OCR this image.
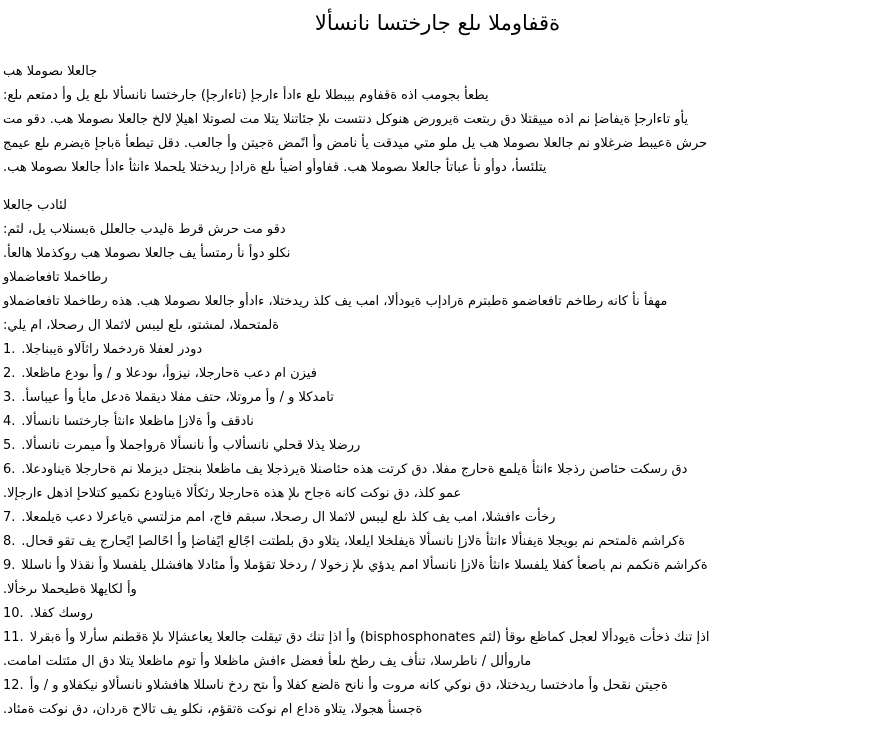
الأسنان استخراج على الموافقة
به الموصى العلاج
:على معتمد أو لي على الأسنان استخراج (إجراءات) إجراء أداء على الطبيب موافقة هذا بموجب أعطي
تم وقد .به الموصى العلاج خلال إليها التوصل تم التي النتائج إلى تستند لكونه ضرورية تعتبر قد التقييم هذا من إضافية إجراءات وأي
جميع على مرضية إجابة أعطيت لقد .بعلاج أو نتيجة ضمنًا أو ضمان أي تقديم يتم ولم لي به الموصى العلاج من والغرض طبيعة شرح
.به الموصى العلاج أداء أثناء المحلي التخدير إدارة على أيضا وأوافق .به الموصى العلاج أتابع أن وأود ،أسئلتي
العلاج بدائل
:مثل ،لي بالنسبة للعلاج بديلة طرق شرح تم وقد
.أعلاه المذكور به الموصى العلاج في أستمر أن أود ولكن
والمضاعفات المخاطر
والمضاعفات المخاطر هذه .به الموصى العلاج وأداء ،التخدير ذلك في بما ،الأدوية بإدارة مرتبطة ومضاعفات مخاطر هناك أن أفهم
:يلي ما ،الحصر لا المثال سبيل على ،وتشمل ،المحتملة
1. .الجانبية والآثار المخدرة الفعل ردود
2. .العظام عدوى أو / و العدوى ،أوزين ،الجراحة بعد ما نزيف
3. .أسابيع أو أيام لعدة المقيد الفم فتح ،التورم أو / و الكدمات
4. .الأسنان استخراج أثناء العظام إزالة أو فقدان
5. .الأسنان ترميم أو المجاورة الأسنان أو بالأسنان يلحق الذي الضرر
6. .العدوانية الجراحة من المزيد لتجنب العظام في الجذرية النصائح هذه تترك قد .الفم جراحة عملية أثناء الجذر نصائح تكسر قد
.الإجراء لهذا إحالتك ويمكن عدوانية الأكثر الجراحة هذه إلى حاجة هناك تكون قد ،ذلك ومع
7. .العملية بعد الرعاية يستلزم مما ،جاف مقبس ،الحصر لا المثال سبيل على ذلك في بما ،الشفاء تأخر
8. .لاحق وقت في جراحيًا إصلاحًا أو إضافيًا علاجًا تتطلب قد والتي ،العليا الخلفية الأسنان إزالة أثناء الأنفية الجيوب من محتملة مشاركة
9. اللسان أو الذقن أو السفلي للشفاه الدائم أو المؤقت الخدر / الوخز إلى يؤدي مما الأسنان إزالة أثناء السفلي الفك أعصاب من ممكنة مشاركة
.الأخرى المحيطة الهياكل أو
10. .الفك كسور
11. الرقبة أو الرأس منطقة إلى الإشعاعي العلاج تلقيت قد كنت إذا أو (bisphosphonates مثل) أقوى عظامك لجعل الأدوية تأخذ كنت إذا
.تماما تلتئم لا قد التي العظام موت أو العظام شفاء لضعف أعلى خطر في فأنت ،السرطان / للأورام
12. أو / و والفكين والأسنان والشفاه اللسان خدر حتى أو الفك عضلة حنان أو تورم هناك يكون قد ،التخدير استخدام أو لحقن نتيجة
.دائمة تكون قد ،نادرة حالات في ولكن ،مؤقتة تكون ما عادة والتي ،الوجه أنسجة
